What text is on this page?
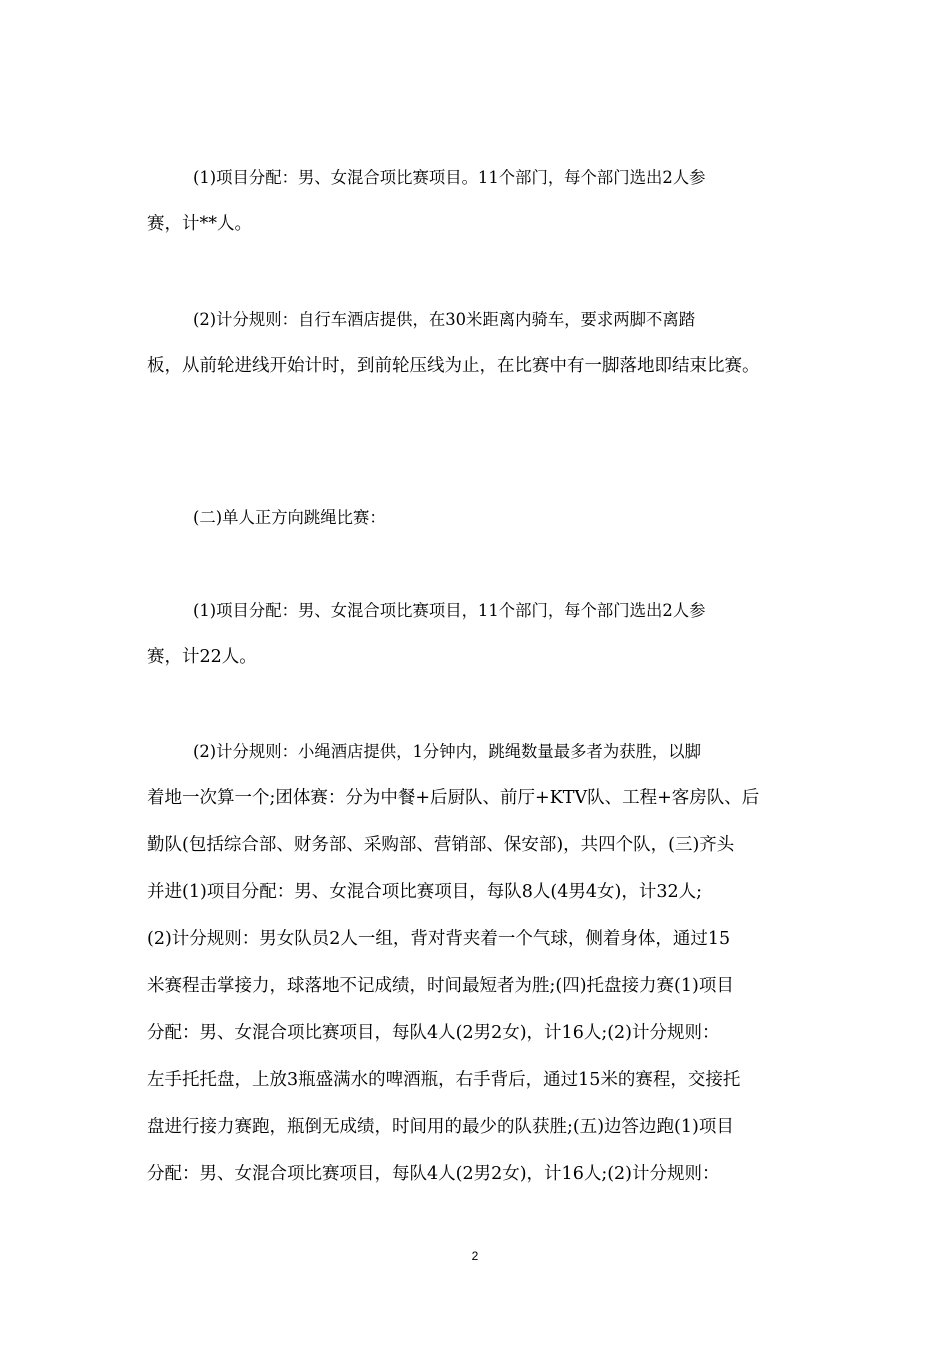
(1)项目分配：男、女混合项比赛项目。11个部门，每个部门选出2人参
赛，计**人。

(2)计分规则：自行车酒店提供，在30米距离内骑车，要求两脚不离踏
板，从前轮进线开始计时，到前轮压线为止，在比赛中有一脚落地即结束比赛。

(二)单人正方向跳绳比赛：

(1)项目分配：男、女混合项比赛项目，11个部门，每个部门选出2人参
赛，计22人。

(2)计分规则：小绳酒店提供，1分钟内，跳绳数量最多者为获胜，以脚
着地一次算一个;团体赛：分为中餐+后厨队、前厅+KTV队、工程+客房队、后
勤队(包括综合部、财务部、采购部、营销部、保安部)，共四个队，(三)齐头
并进(1)项目分配：男、女混合项比赛项目，每队8人(4男4女)，计32人;
(2)计分规则：男女队员2人一组，背对背夹着一个气球，侧着身体，通过15
米赛程击掌接力，球落地不记成绩，时间最短者为胜;(四)托盘接力赛(1)项目
分配：男、女混合项比赛项目，每队4人(2男2女)，计16人;(2)计分规则：
左手托托盘，上放3瓶盛满水的啤酒瓶，右手背后，通过15米的赛程，交接托
盘进行接力赛跑，瓶倒无成绩，时间用的最少的队获胜;(五)边答边跑(1)项目
分配：男、女混合项比赛项目，每队4人(2男2女)，计16人;(2)计分规则：

2
